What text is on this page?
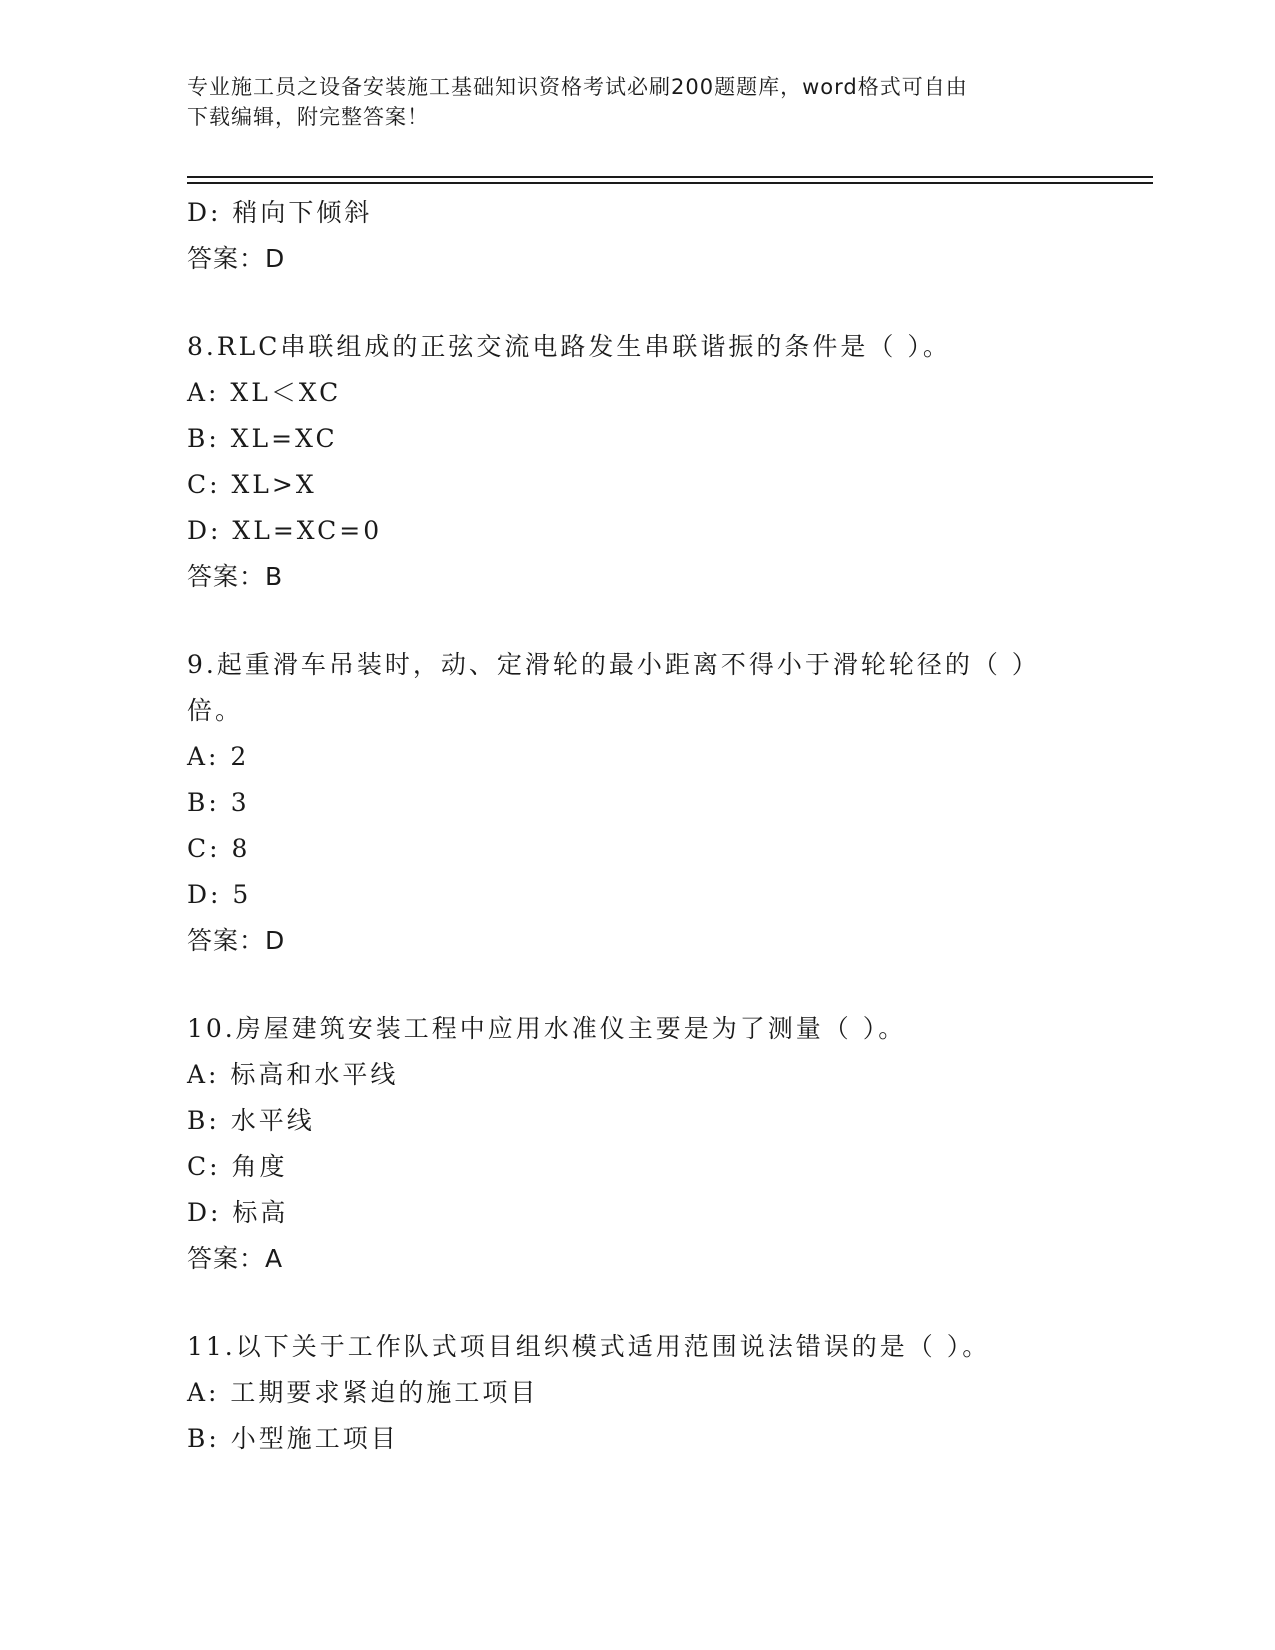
专业施工员之设备安装施工基础知识资格考试必刷200题题库，word格式可自由
下载编辑，附完整答案！
D: 稍向下倾斜
答案：D
8.RLC串联组成的正弦交流电路发生串联谐振的条件是（ ）。
A: XL＜XC
B: XL=XC
C: XL>X
D: XL=XC=0
答案：B
9.起重滑车吊装时，动、定滑轮的最小距离不得小于滑轮轮径的（ ）
倍。
A: 2
B: 3
C: 8
D: 5
答案：D
10.房屋建筑安装工程中应用水准仪主要是为了测量（ ）。
A: 标高和水平线
B: 水平线
C: 角度
D: 标高
答案：A
11.以下关于工作队式项目组织模式适用范围说法错误的是（ ）。
A: 工期要求紧迫的施工项目
B: 小型施工项目
